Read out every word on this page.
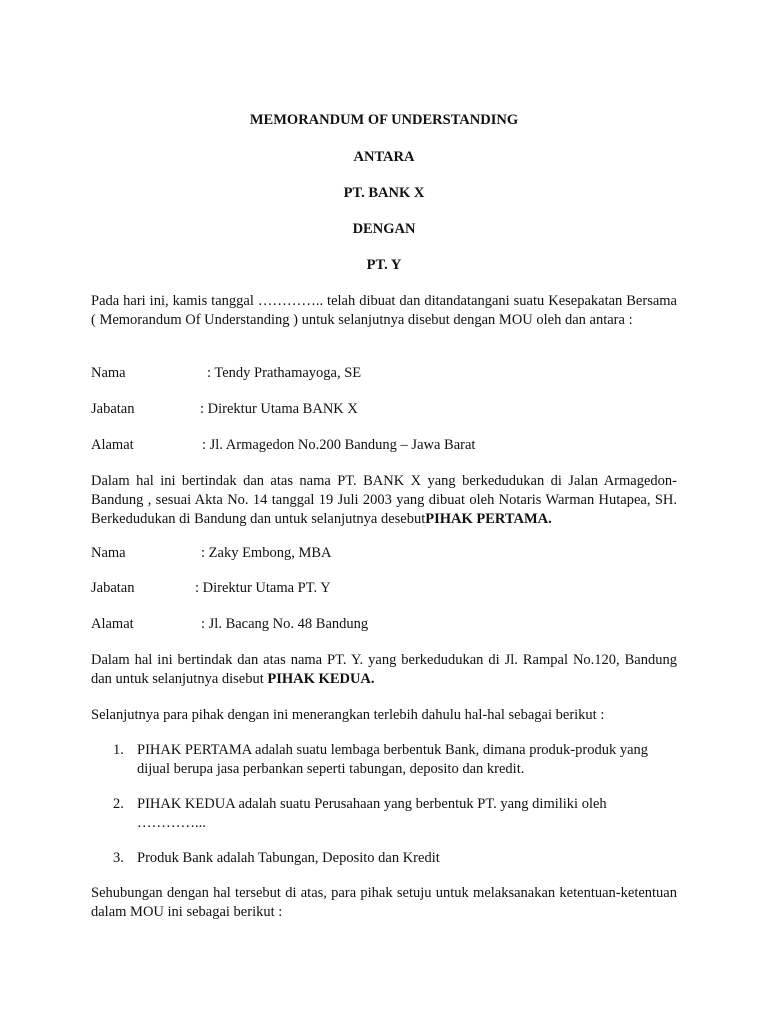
MEMORANDUM OF UNDERSTANDING
ANTARA
PT. BANK X
DENGAN
PT. Y
Pada hari ini, kamis tanggal ………….. telah dibuat dan ditandatangani suatu Kesepakatan Bersama ( Memorandum Of Understanding ) untuk selanjutnya disebut dengan MOU oleh dan antara :
Nama	: Tendy Prathamayoga, SE
Jabatan	: Direktur Utama BANK X
Alamat	: Jl. Armagedon No.200 Bandung – Jawa Barat
Dalam hal ini bertindak dan atas nama PT. BANK X yang berkedudukan di Jalan Armagedon-Bandung , sesuai Akta No. 14 tanggal 19 Juli 2003 yang dibuat oleh Notaris Warman Hutapea, SH. Berkedudukan di Bandung dan untuk selanjutnya desebutPIHAK PERTAMA.
Nama	: Zaky Embong, MBA
Jabatan	: Direktur Utama PT. Y
Alamat	: Jl. Bacang No. 48 Bandung
Dalam hal ini bertindak dan atas nama PT. Y. yang berkedudukan di Jl. Rampal No.120, Bandung dan untuk selanjutnya disebut PIHAK KEDUA.
Selanjutnya para pihak dengan ini menerangkan terlebih dahulu hal-hal sebagai berikut :
1. PIHAK PERTAMA adalah suatu lembaga berbentuk Bank, dimana produk-produk yang dijual berupa jasa perbankan seperti tabungan, deposito dan kredit.
2. PIHAK KEDUA adalah suatu Perusahaan yang berbentuk PT. yang dimiliki oleh …………...
3. Produk Bank adalah Tabungan, Deposito dan Kredit
Sehubungan dengan hal tersebut di atas, para pihak setuju untuk melaksanakan ketentuan-ketentuan dalam MOU ini sebagai berikut :
